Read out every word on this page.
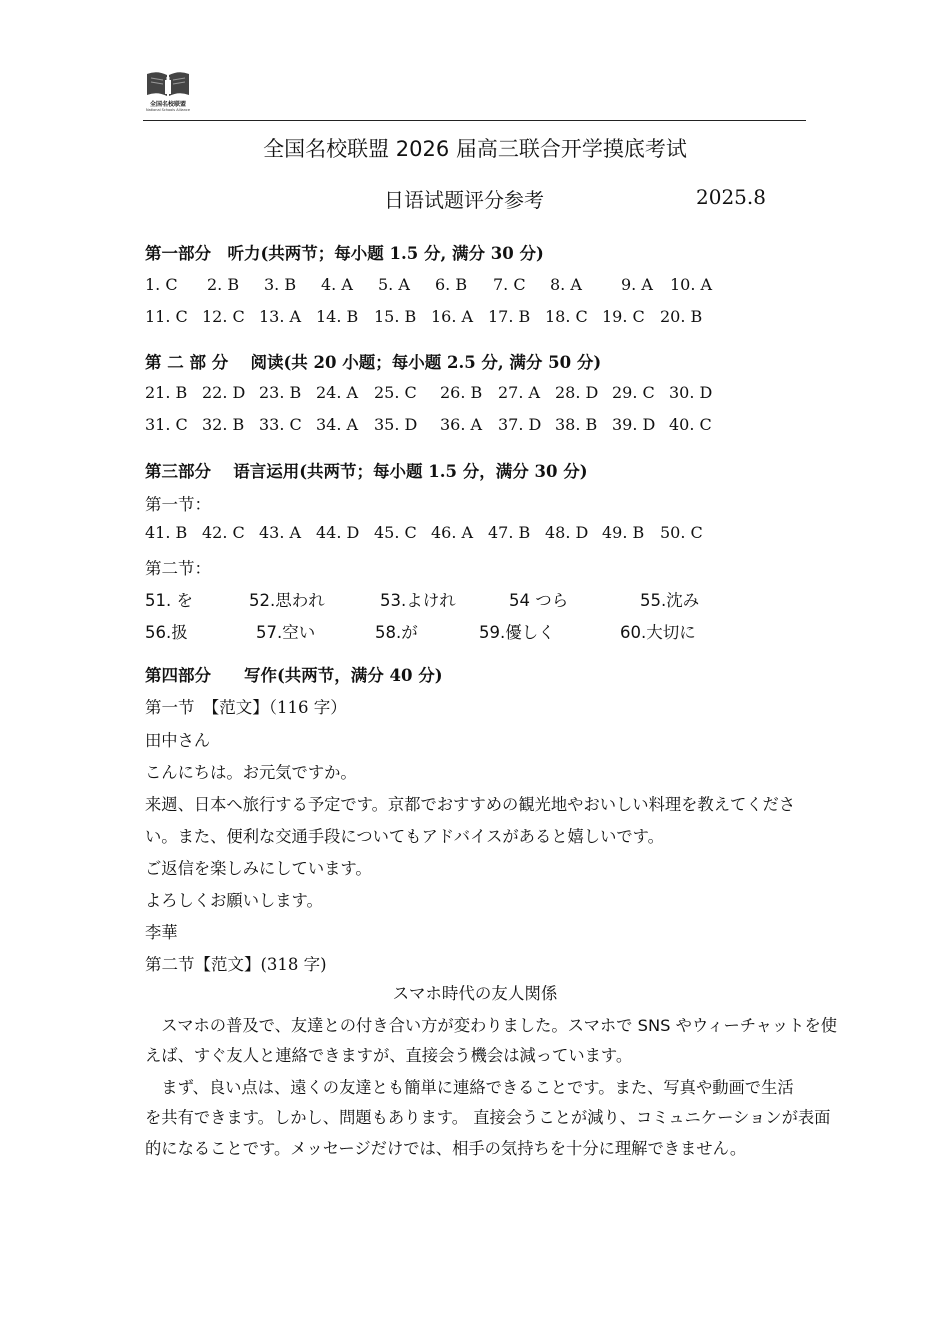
全国名校联盟
National Schools Alliance
全国名校联盟 2026 届高三联合开学摸底考试
日语试题评分参考	2025.8
第一部分　听力(共两节；每小题 1.5 分, 满分 30 分)
1. C 2. B 3. B 4. A 5. A 6. B 7. C 8. A 9. A 10. A
11. C 12. C 13. A 14. B 15. B 16. A 17. B 18. C 19. C 20. B
第 二 部 分　 阅读(共 20 小题；每小题 2.5 分, 满分 50 分)
21. B 22. D 23. B 24. A 25. C 26. B 27. A 28. D 29. C 30. D
31. C 32. B 33. C 34. A 35. D 36. A 37. D 38. B 39. D 40. C
第三部分　 语言运用(共两节；每小题 1.5 分，满分 30 分)
第一节：
41. B 42. C 43. A 44. D 45. C 46. A 47. B 48. D 49. B 50. C
第二节：
51. を	52.思われ	53.よけれ	54 つら	55.沈み
56.扱	57.空い	58.が	59.優しく	60.大切に
第四部分　　写作(共两节，满分 40 分)
第一节　【范文】（116 字）
田中さん
こんにちは。お元気ですか。
来週、日本へ旅行する予定です。京都でおすすめの観光地やおいしい料理を教えてくださ
い。また、便利な交通手段についてもアドバイスがあると嬉しいです。
ご返信を楽しみにしています。
よろしくお願いします。
李華
第二节【范文】(318 字)
スマホ時代の友人関係
　スマホの普及で、友達との付き合い方が変わりました。スマホで SNS やウィーチャットを使
えば、すぐ友人と連絡できますが、直接会う機会は減っています。
　まず、良い点は、遠くの友達とも簡単に連絡できることです。また、写真や動画で生活
を共有できます。しかし、問題もあります。 直接会うことが減り、コミュニケーションが表面
的になることです。メッセージだけでは、相手の気持ちを十分に理解できません。
